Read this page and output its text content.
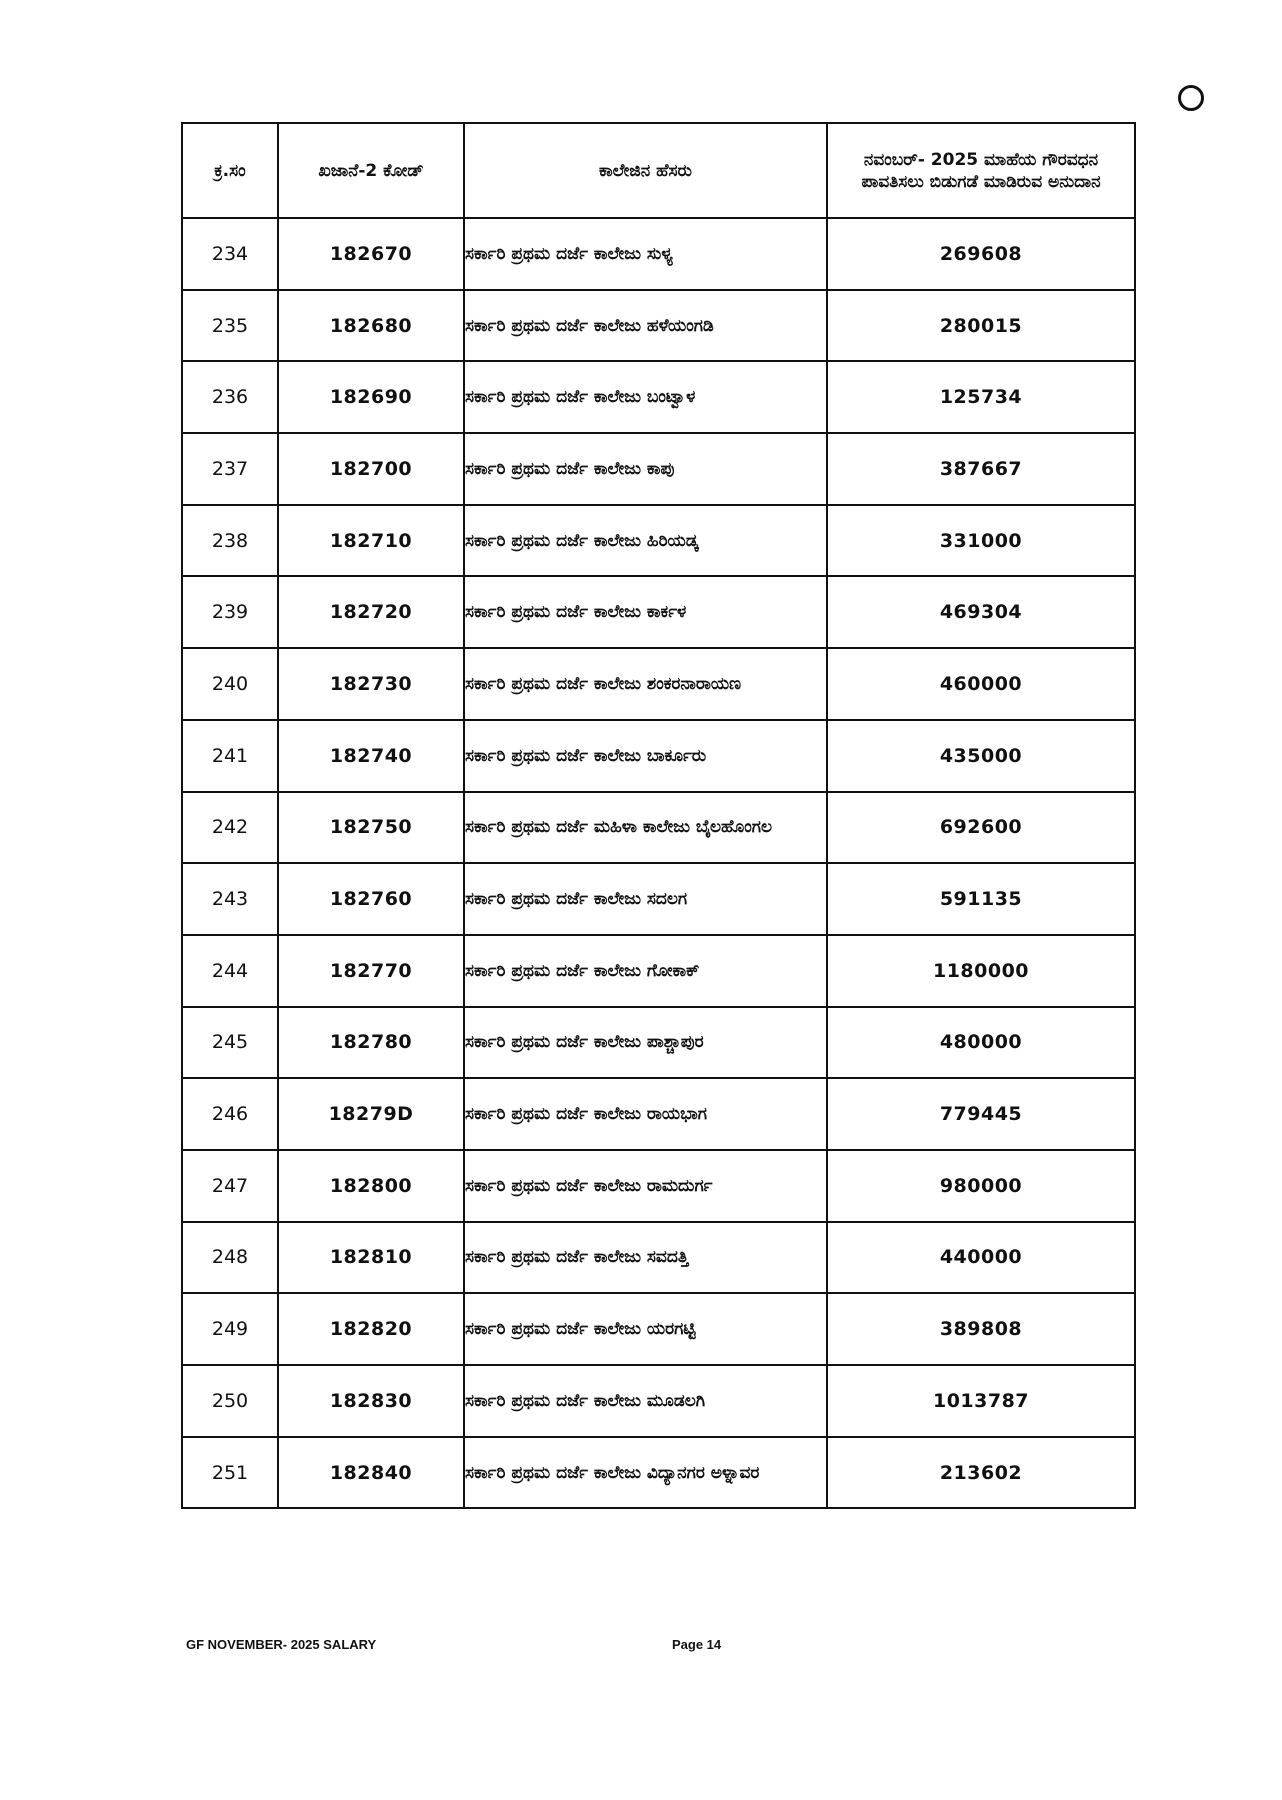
ಕ್ರ.ಸಂ	ಖಜಾನೆ-2 ಕೋಡ್	ಕಾಲೇಜಿನ ಹೆಸರು	ನವಂಬರ್- 2025 ಮಾಹೆಯ ಗೌರವಧನ ಪಾವತಿಸಲು ಬಿಡುಗಡೆ ಮಾಡಿರುವ ಅನುದಾನ
234	182670	ಸರ್ಕಾರಿ ಪ್ರಥಮ ದರ್ಜೆ ಕಾಲೇಜು ಸುಳ್ಯ	269608
235	182680	ಸರ್ಕಾರಿ ಪ್ರಥಮ ದರ್ಜೆ ಕಾಲೇಜು ಹಳೆಯಂಗಡಿ	280015
236	182690	ಸರ್ಕಾರಿ ಪ್ರಥಮ ದರ್ಜೆ ಕಾಲೇಜು ಬಂಟ್ವಾಳ	125734
237	182700	ಸರ್ಕಾರಿ ಪ್ರಥಮ ದರ್ಜೆ ಕಾಲೇಜು ಕಾಪು	387667
238	182710	ಸರ್ಕಾರಿ ಪ್ರಥಮ ದರ್ಜೆ ಕಾಲೇಜು ಹಿರಿಯಡ್ಕ	331000
239	182720	ಸರ್ಕಾರಿ ಪ್ರಥಮ ದರ್ಜೆ ಕಾಲೇಜು ಕಾರ್ಕಳ	469304
240	182730	ಸರ್ಕಾರಿ ಪ್ರಥಮ ದರ್ಜೆ ಕಾಲೇಜು ಶಂಕರನಾರಾಯಣ	460000
241	182740	ಸರ್ಕಾರಿ ಪ್ರಥಮ ದರ್ಜೆ ಕಾಲೇಜು ಬಾರ್ಕೂರು	435000
242	182750	ಸರ್ಕಾರಿ ಪ್ರಥಮ ದರ್ಜೆ ಮಹಿಳಾ ಕಾಲೇಜು ಬೈಲಹೊಂಗಲ	692600
243	182760	ಸರ್ಕಾರಿ ಪ್ರಥಮ ದರ್ಜೆ ಕಾಲೇಜು ಸದಲಗ	591135
244	182770	ಸರ್ಕಾರಿ ಪ್ರಥಮ ದರ್ಜೆ ಕಾಲೇಜು ಗೋಕಾಕ್	1180000
245	182780	ಸರ್ಕಾರಿ ಪ್ರಥಮ ದರ್ಜೆ ಕಾಲೇಜು ಪಾಶ್ಚಾಪುರ	480000
246	18279D	ಸರ್ಕಾರಿ ಪ್ರಥಮ ದರ್ಜೆ ಕಾಲೇಜು ರಾಯಭಾಗ	779445
247	182800	ಸರ್ಕಾರಿ ಪ್ರಥಮ ದರ್ಜೆ ಕಾಲೇಜು ರಾಮದುರ್ಗ	980000
248	182810	ಸರ್ಕಾರಿ ಪ್ರಥಮ ದರ್ಜೆ ಕಾಲೇಜು ಸವದತ್ತಿ	440000
249	182820	ಸರ್ಕಾರಿ ಪ್ರಥಮ ದರ್ಜೆ ಕಾಲೇಜು ಯರಗಟ್ಟಿ	389808
250	182830	ಸರ್ಕಾರಿ ಪ್ರಥಮ ದರ್ಜೆ ಕಾಲೇಜು ಮೂಡಲಗಿ	1013787
251	182840	ಸರ್ಕಾರಿ ಪ್ರಥಮ ದರ್ಜೆ ಕಾಲೇಜು ವಿದ್ಯಾನಗರ ಅಳ್ನಾವರ	213602
GF NOVEMBER- 2025 SALARY	Page 14
